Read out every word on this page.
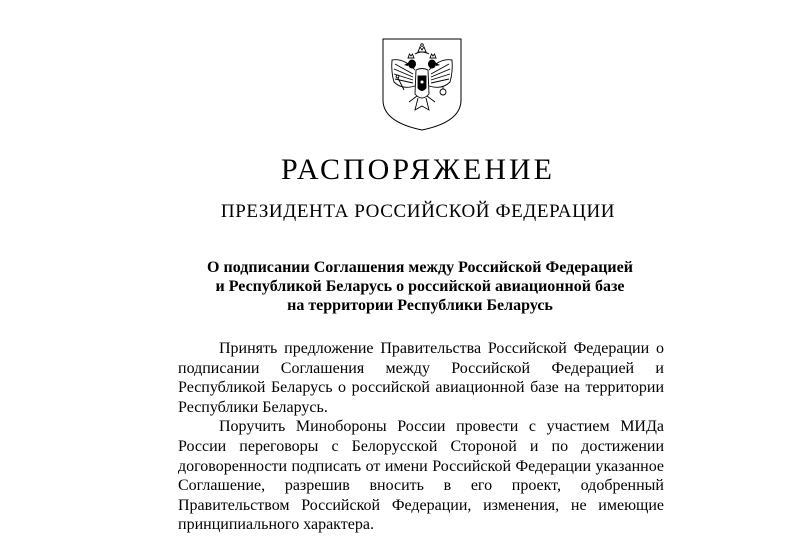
РАСПОРЯЖЕНИЕ
ПРЕЗИДЕНТА РОССИЙСКОЙ ФЕДЕРАЦИИ
О подписании Соглашения между Российской Федерацией
и Республикой Беларусь о российской авиационной базе
на территории Республики Беларусь

Принять предложение Правительства Российской Федерации о подписании Соглашения между Российской Федерацией и Республикой Беларусь о российской авиационной базе на территории Республики Беларусь.

Поручить Минобороны России провести с участием МИДа России переговоры с Белорусской Стороной и по достижении договоренности подписать от имени Российской Федерации указанное Соглашение, разрешив вносить в его проект, одобренный Правительством Российской Федерации, изменения, не имеющие принципиального характера.
